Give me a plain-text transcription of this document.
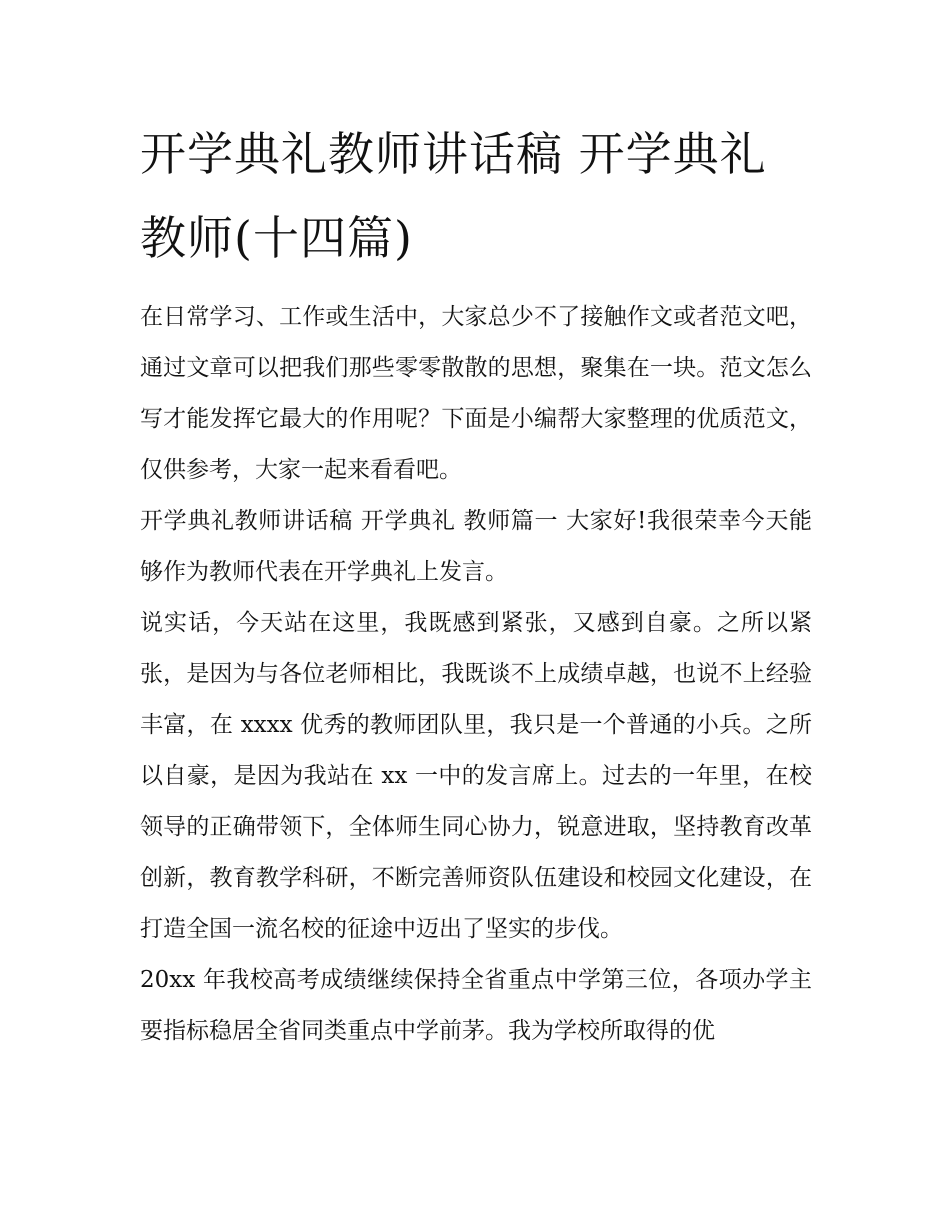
开学典礼教师讲话稿 开学典礼
教师(十四篇)

在日常学习、工作或生活中，大家总少不了接触作文或者范文吧，通过文章可以把我们那些零零散散的思想，聚集在一块。范文怎么写才能发挥它最大的作用呢？下面是小编帮大家整理的优质范文，仅供参考，大家一起来看看吧。

开学典礼教师讲话稿 开学典礼 教师篇一 大家好!我很荣幸今天能够作为教师代表在开学典礼上发言。

说实话，今天站在这里，我既感到紧张，又感到自豪。之所以紧张，是因为与各位老师相比，我既谈不上成绩卓越，也说不上经验丰富，在 xxxx 优秀的教师团队里，我只是一个普通的小兵。之所以自豪，是因为我站在 xx 一中的发言席上。过去的一年里，在校领导的正确带领下，全体师生同心协力，锐意进取，坚持教育改革创新，教育教学科研，不断完善师资队伍建设和校园文化建设，在打造全国一流名校的征途中迈出了坚实的步伐。

20xx 年我校高考成绩继续保持全省重点中学第三位，各项办学主要指标稳居全省同类重点中学前茅。我为学校所取得的优
